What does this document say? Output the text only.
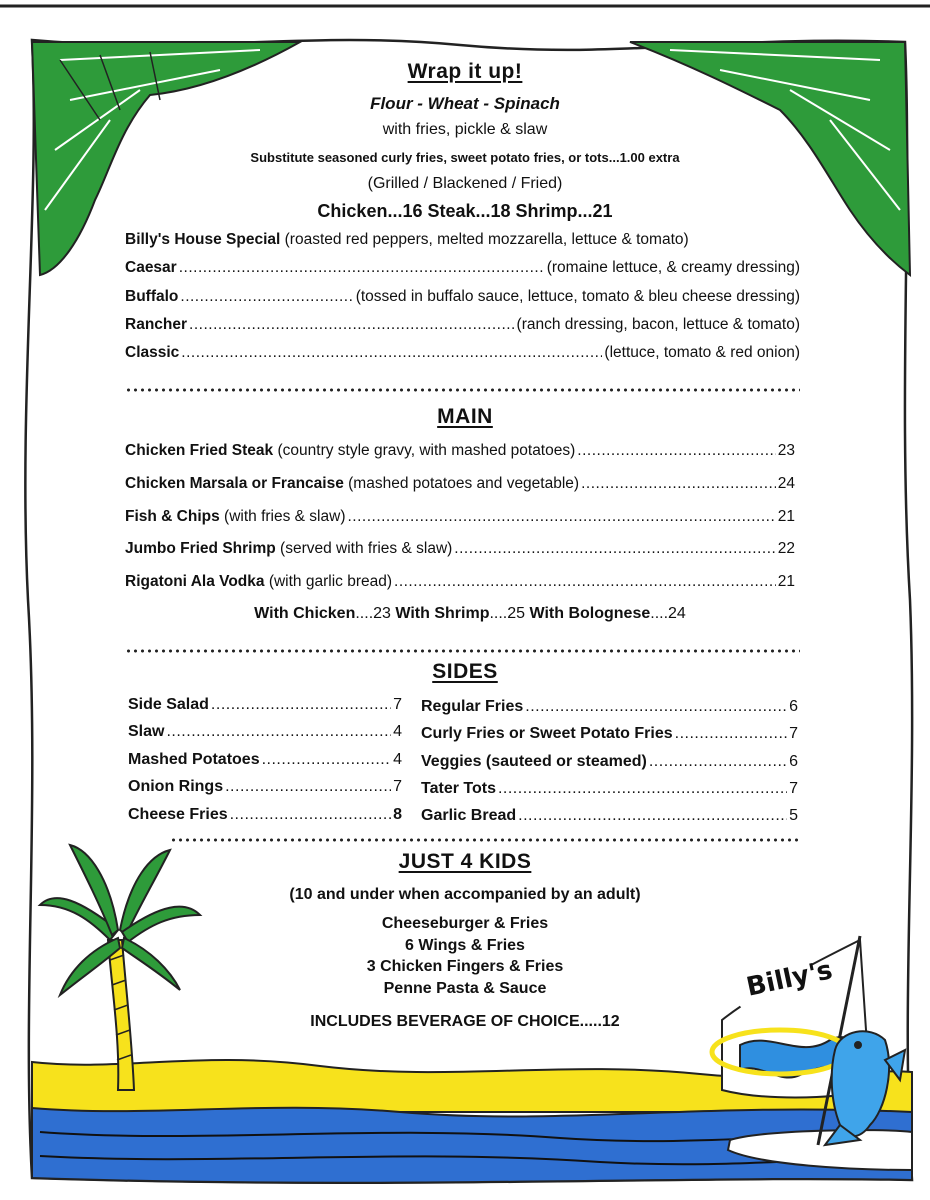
Billy's
Wrap it up!
Flour - Wheat - Spinach
with fries, pickle & slaw
Substitute seasoned curly fries, sweet potato fries, or tots...1.00 extra
(Grilled / Blackened / Fried)
Chicken...16 Steak...18 Shrimp...21
Billy's House Special (roasted red peppers, melted mozzarella, lettuce & tomato)
Caesar .....	(romaine lettuce, & creamy dressing)
Buffalo .....	(tossed in buffalo sauce, lettuce, tomato & bleu cheese dressing)
Rancher .....	(ranch dressing, bacon, lettuce & tomato)
Classic .....	(lettuce, tomato & red onion)
MAIN
Chicken Fried Steak
(country style gravy, with mashed potatoes) .....	23
Chicken Marsala or Francaise
(mashed potatoes and vegetable) .....	24
Fish & Chips
(with fries & slaw) .....	21
Jumbo Fried Shrimp
(served with fries & slaw) .....	22
Rigatoni Ala Vodka
(with garlic bread) .....	21
With Chicken....23 With Shrimp....25 With Bolognese....24
SIDES
Side Salad .....	7
Slaw .....	4
Mashed Potatoes .....	4
Onion Rings .....	7
Cheese Fries .....	8
Regular Fries .....	6
Curly Fries or Sweet Potato Fries .....	7
Veggies (sauteed or steamed) .....	6
Tater Tots .....	7
Garlic Bread .....	5
JUST 4 KIDS
(10 and under when accompanied by an adult)
Cheeseburger & Fries
6 Wings & Fries
3 Chicken Fingers & Fries
Penne Pasta & Sauce
INCLUDES BEVERAGE OF CHOICE.....12
